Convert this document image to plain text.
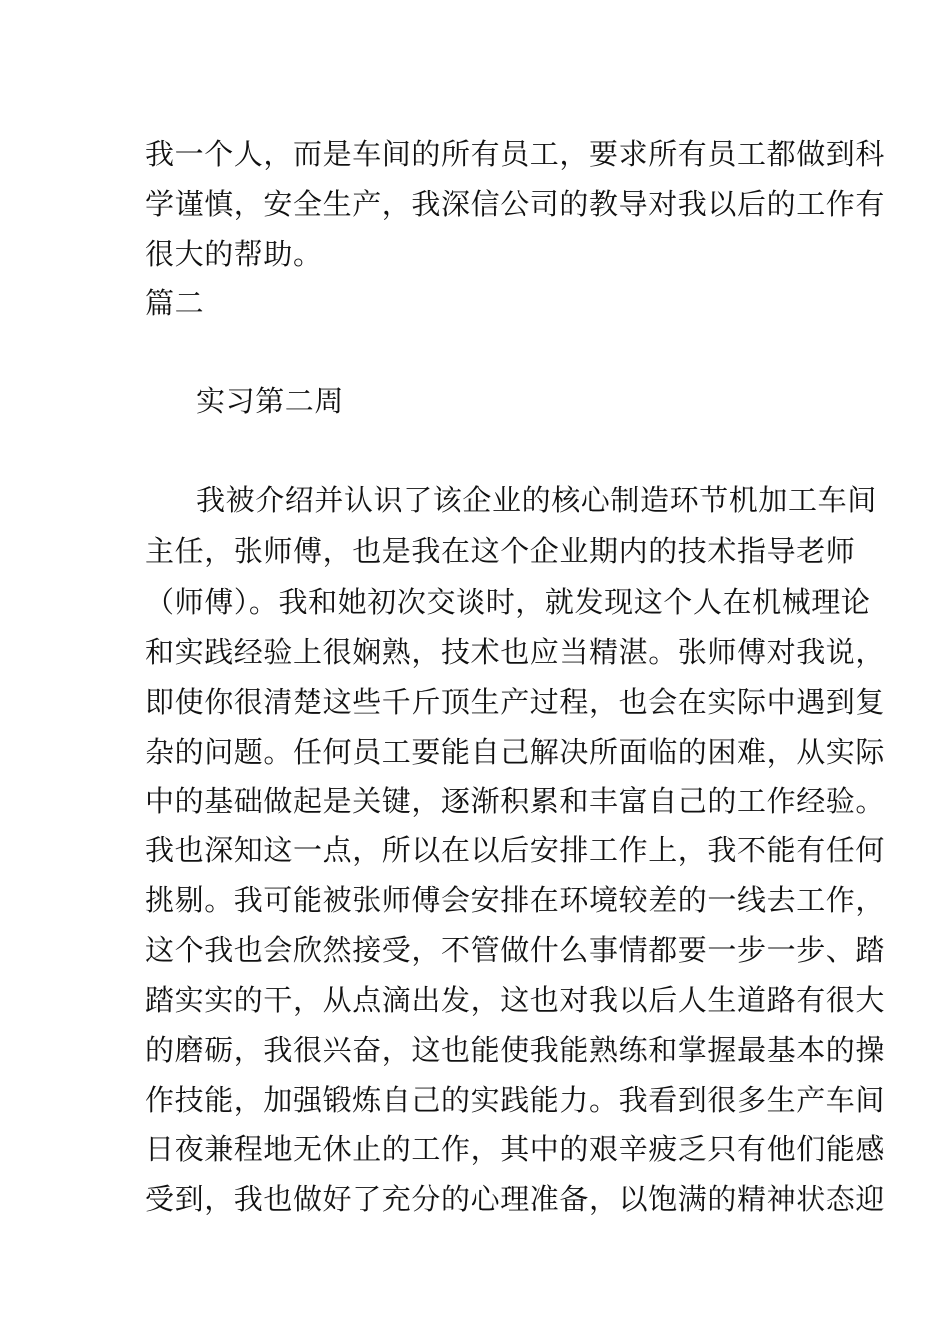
我一个人，而是车间的所有员工，要求所有员工都做到科
学谨慎，安全生产，我深信公司的教导对我以后的工作有
很大的帮助。
篇二
实习第二周
我被介绍并认识了该企业的核心制造环节机加工车间
主任，张师傅，也是我在这个企业期内的技术指导老师
（师傅）。我和她初次交谈时，就发现这个人在机械理论
和实践经验上很娴熟，技术也应当精湛。张师傅对我说，
即使你很清楚这些千斤顶生产过程，也会在实际中遇到复
杂的问题。任何员工要能自己解决所面临的困难，从实际
中的基础做起是关键，逐渐积累和丰富自己的工作经验。
我也深知这一点，所以在以后安排工作上，我不能有任何
挑剔。我可能被张师傅会安排在环境较差的一线去工作，
这个我也会欣然接受，不管做什么事情都要一步一步、踏
踏实实的干，从点滴出发，这也对我以后人生道路有很大
的磨砺，我很兴奋，这也能使我能熟练和掌握最基本的操
作技能，加强锻炼自己的实践能力。我看到很多生产车间
日夜兼程地无休止的工作，其中的艰辛疲乏只有他们能感
受到，我也做好了充分的心理准备，以饱满的精神状态迎
